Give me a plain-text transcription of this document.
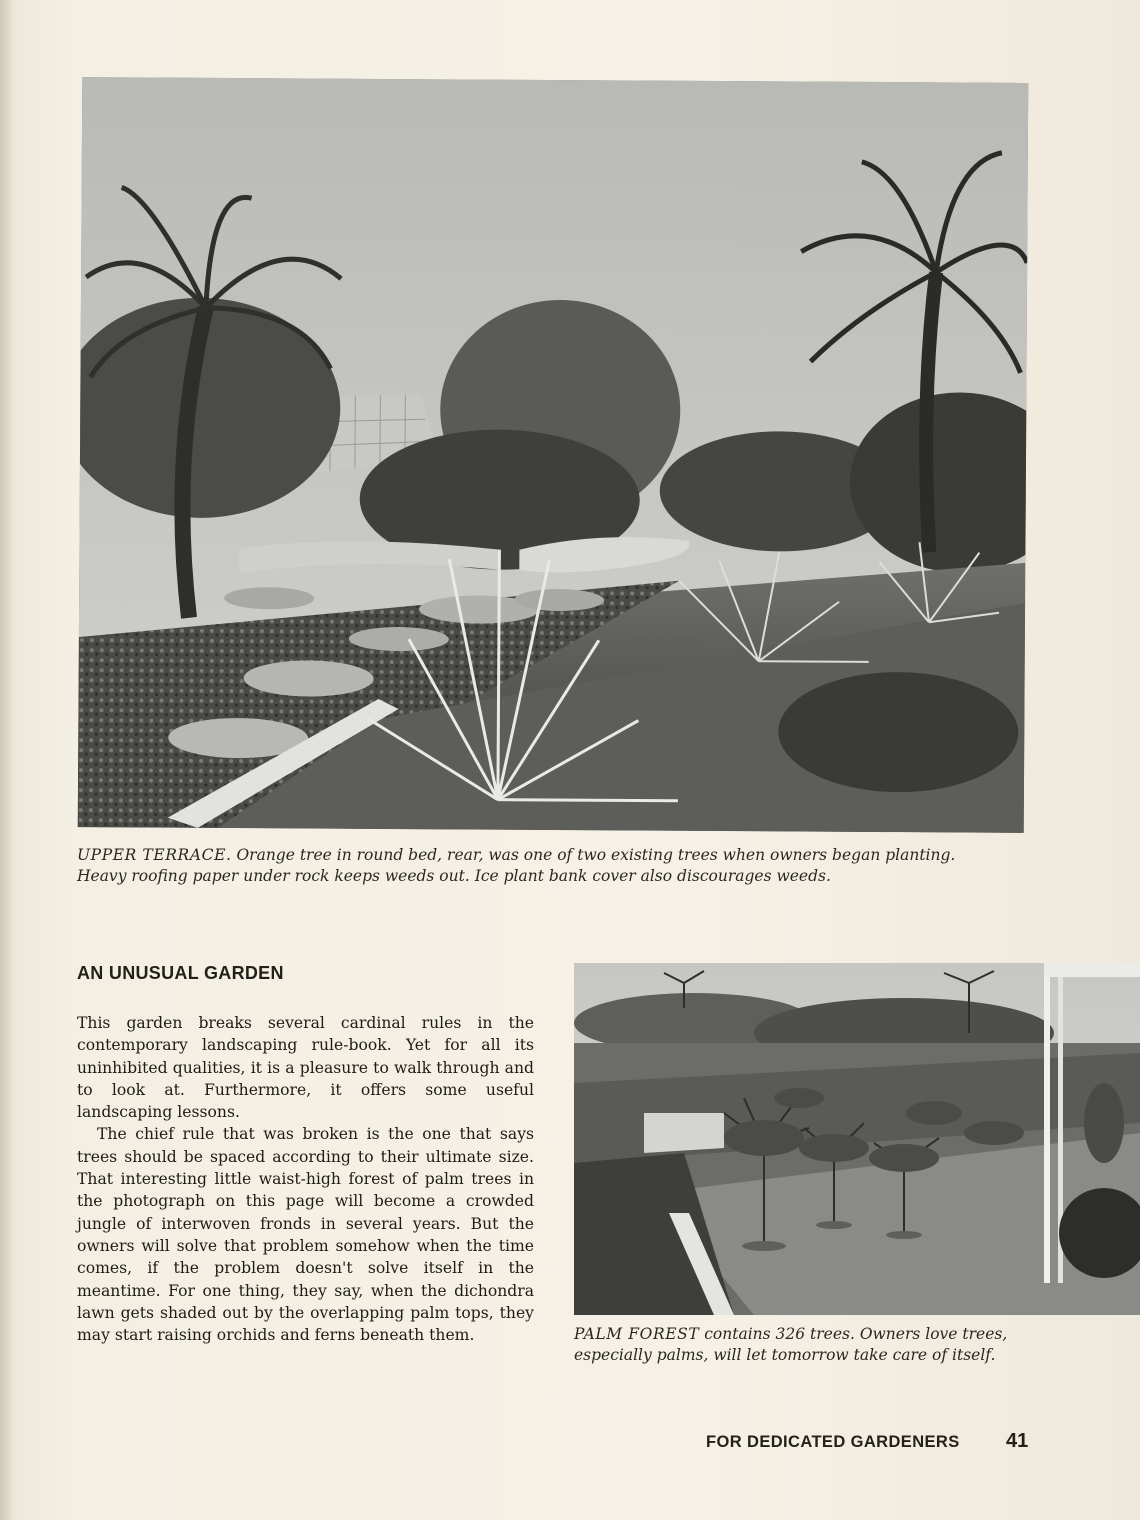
UPPER TERRACE. Orange tree in round bed, rear, was one of two existing trees when owners began planting. Heavy roofing paper under rock keeps weeds out. Ice plant bank cover also discourages weeds.
AN UNUSUAL GARDEN

This garden breaks several cardinal rules in the contemporary landscaping rule-book. Yet for all its uninhibited qualities, it is a pleasure to walk through and to look at. Furthermore, it offers some useful landscaping lessons.

The chief rule that was broken is the one that says trees should be spaced according to their ultimate size. That interesting little waist-high forest of palm trees in the photograph on this page will become a crowded jungle of interwoven fronds in several years. But the owners will solve that problem somehow when the time comes, if the problem doesn't solve itself in the meantime. For one thing, they say, when the dichondra lawn gets shaded out by the overlapping palm tops, they may start raising orchids and ferns beneath them.	PALM FOREST contains 326 trees. Owners love trees, especially palms, will let tomorrow take care of itself.
FOR DEDICATED GARDENERS 41
